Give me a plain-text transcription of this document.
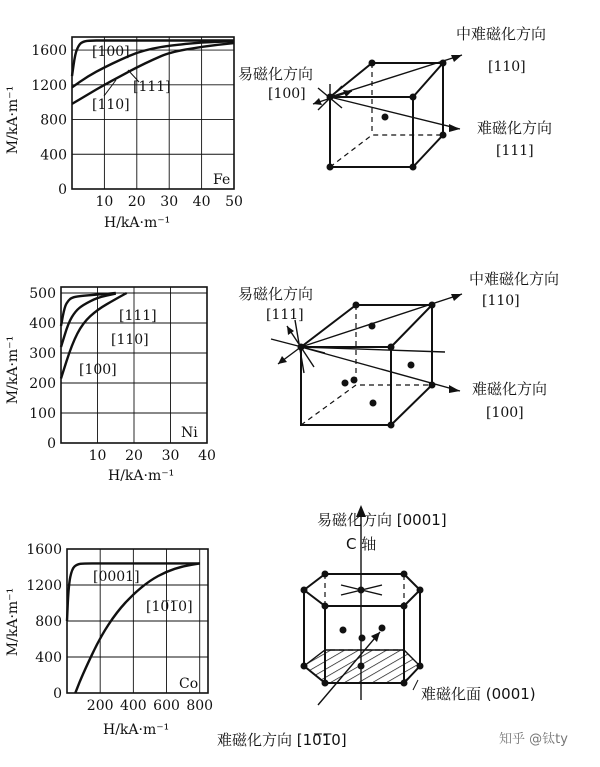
10 20 30 40 50
0
400
800
1200
1600 [100]
[111]
[110]
Fe
H/kA·m⁻¹
M/kA·m⁻¹
易磁化方向
[100]
中难磁化方向
[110]
难磁化方向
[111]
10 20 30 40
500
400
300
200
100
0
[111]
[110]
[100]
Ni
H/kA·m⁻¹
M/kA·m⁻¹
易磁化方向
[111]
中难磁化方向
[110]
难磁化方向
[100]
200 400 600 800
1600
1200
800
400
0
[0001]
[10̅1̅0]
Co
H/kA·m⁻¹
M/kA·m⁻¹
易磁化方向 [0001]
C 轴
难磁化面 (0001)
难磁化方向 [10̅1̅0]	知乎 @钛ty
